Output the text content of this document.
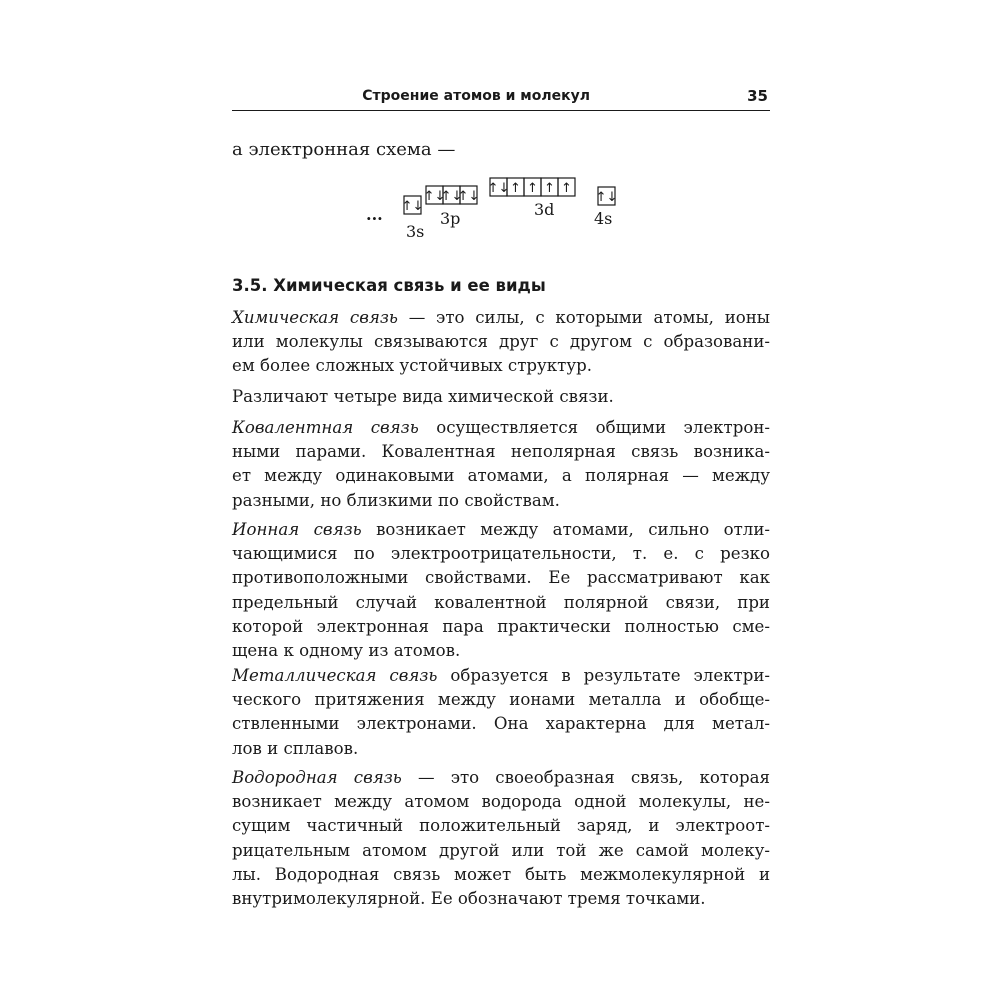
Строение атомов и молекул	35
а электронная схема —
... ↑↓
3s
↑↓
↑↓
↑↓
3p
↑↓ ↑ ↑ ↑ ↑
3d
↑↓
4s
3.5. Химическая связь и ее виды
Химическая связь — это силы, с которыми атомы, ионы
или молекулы связываются друг с другом с образовани-
ем более сложных устойчивых структур.
Различают четыре вида химической связи.
Ковалентная связь осуществляется общими электрон-
ными парами. Ковалентная неполярная связь возника-
ет между одинаковыми атомами, а полярная — между
разными, но близкими по свойствам.
Ионная связь возникает между атомами, сильно отли-
чающимися по электроотрицательности, т. е. с резко
противоположными свойствами. Ее рассматривают как
предельный случай ковалентной полярной связи, при
которой электронная пара практически полностью сме-
щена к одному из атомов.
Металлическая связь образуется в результате электри-
ческого притяжения между ионами металла и обобще-
ствленными электронами. Она характерна для метал-
лов и сплавов.
Водородная связь — это своеобразная связь, которая
возникает между атомом водорода одной молекулы, не-
сущим частичный положительный заряд, и электроот-
рицательным атомом другой или той же самой молеку-
лы. Водородная связь может быть межмолекулярной и
внутримолекулярной. Ее обозначают тремя точками.
